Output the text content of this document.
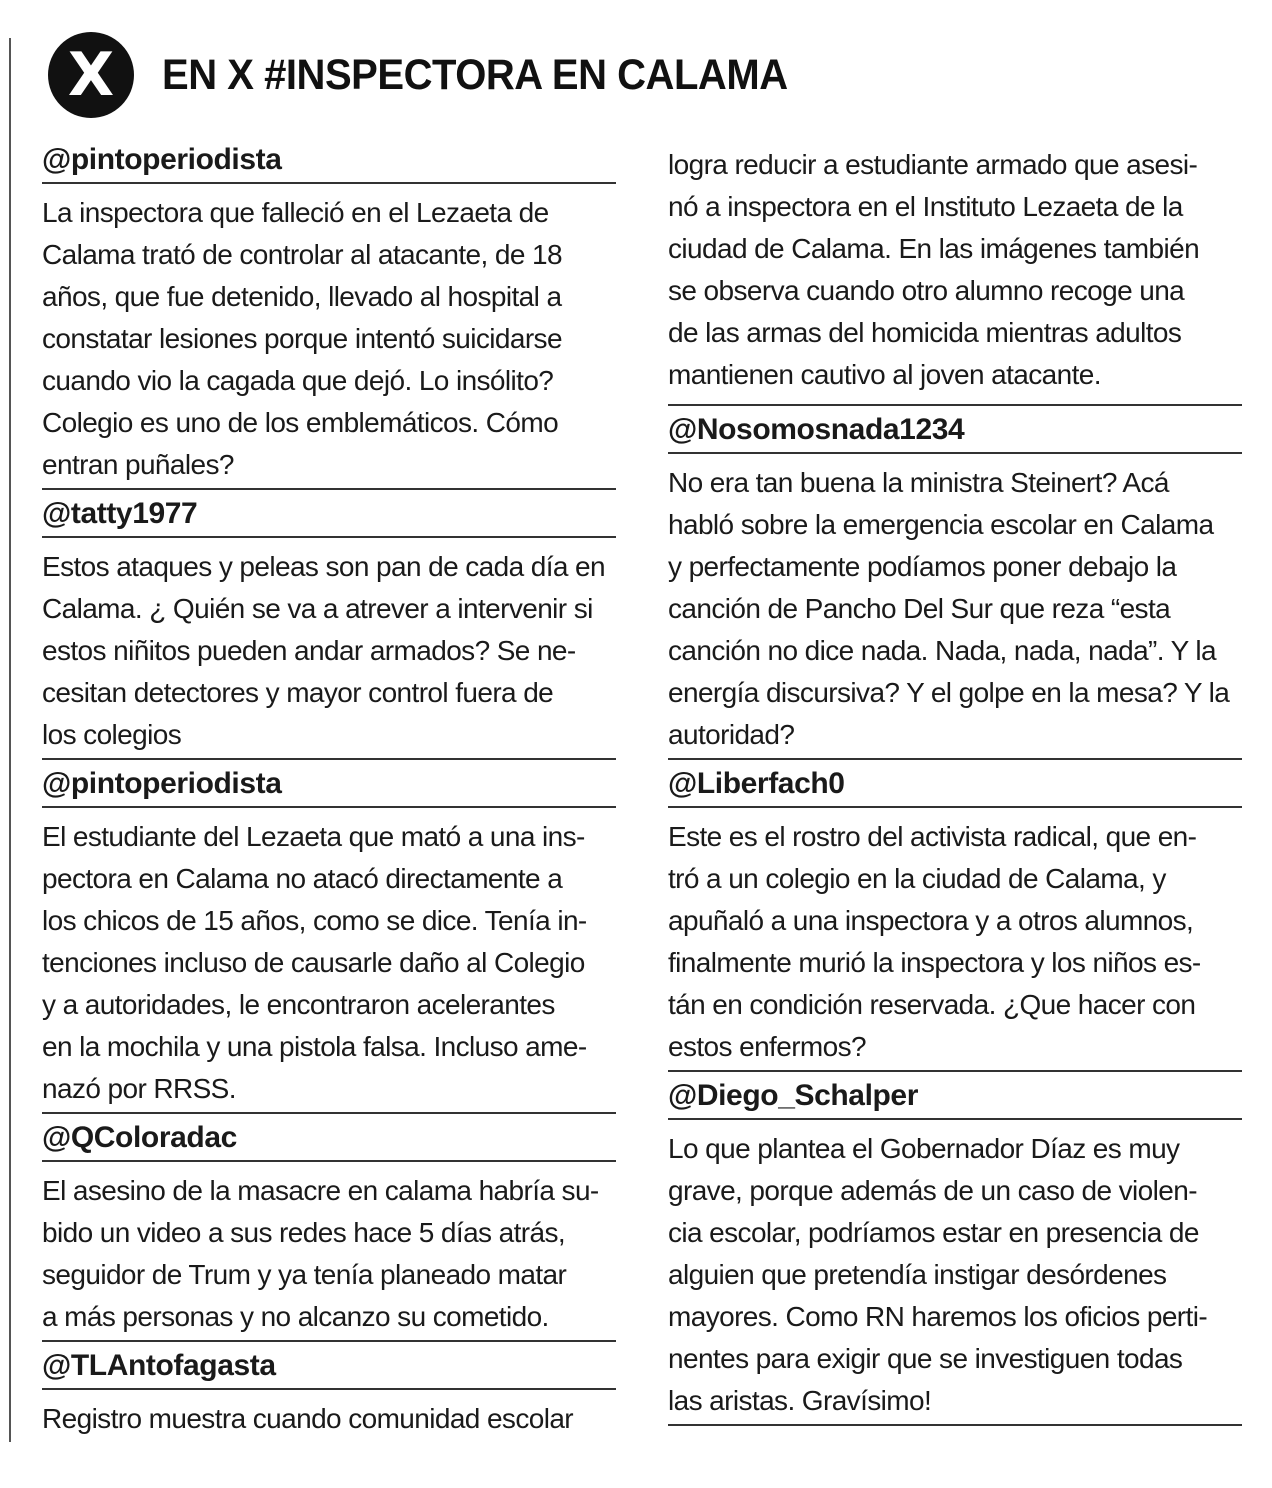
X EN X #INSPECTORA EN CALAMA
@pintoperiodista
La inspectora que falleció en el Lezaeta de
Calama trató de controlar al atacante, de 18
años, que fue detenido, llevado al hospital a
constatar lesiones porque intentó suicidarse
cuando vio la cagada que dejó. Lo insólito?
Colegio es uno de los emblemáticos. Cómo
entran puñales?
@tatty1977
Estos ataques y peleas son pan de cada día en
Calama. ¿ Quién se va a atrever a intervenir si
estos niñitos pueden andar armados? Se ne-
cesitan detectores y mayor control fuera de
los colegios
@pintoperiodista
El estudiante del Lezaeta que mató a una ins-
pectora en Calama no atacó directamente a
los chicos de 15 años, como se dice. Tenía in-
tenciones incluso de causarle daño al Colegio
y a autoridades, le encontraron acelerantes
en la mochila y una pistola falsa. Incluso ame-
nazó por RRSS.
@QColoradac
El asesino de la masacre en calama habría su-
bido un video a sus redes hace 5 días atrás,
seguidor de Trum y ya tenía planeado matar
a más personas y no alcanzo su cometido.
@TLAntofagasta
Registro muestra cuando comunidad escolar
logra reducir a estudiante armado que asesi-
nó a inspectora en el Instituto Lezaeta de la
ciudad de Calama. En las imágenes también
se observa cuando otro alumno recoge una
de las armas del homicida mientras adultos
mantienen cautivo al joven atacante.
@Nosomosnada1234
No era tan buena la ministra Steinert? Acá
habló sobre la emergencia escolar en Calama
y perfectamente podíamos poner debajo la
canción de Pancho Del Sur que reza “esta
canción no dice nada. Nada, nada, nada”. Y la
energía discursiva? Y el golpe en la mesa? Y la
autoridad?
@Liberfach0
Este es el rostro del activista radical, que en-
tró a un colegio en la ciudad de Calama, y
apuñaló a una inspectora y a otros alumnos,
finalmente murió la inspectora y los niños es-
tán en condición reservada. ¿Que hacer con
estos enfermos?
@Diego_Schalper
Lo que plantea el Gobernador Díaz es muy
grave, porque además de un caso de violen-
cia escolar, podríamos estar en presencia de
alguien que pretendía instigar desórdenes
mayores. Como RN haremos los oficios perti-
nentes para exigir que se investiguen todas
las aristas. Gravísimo!
